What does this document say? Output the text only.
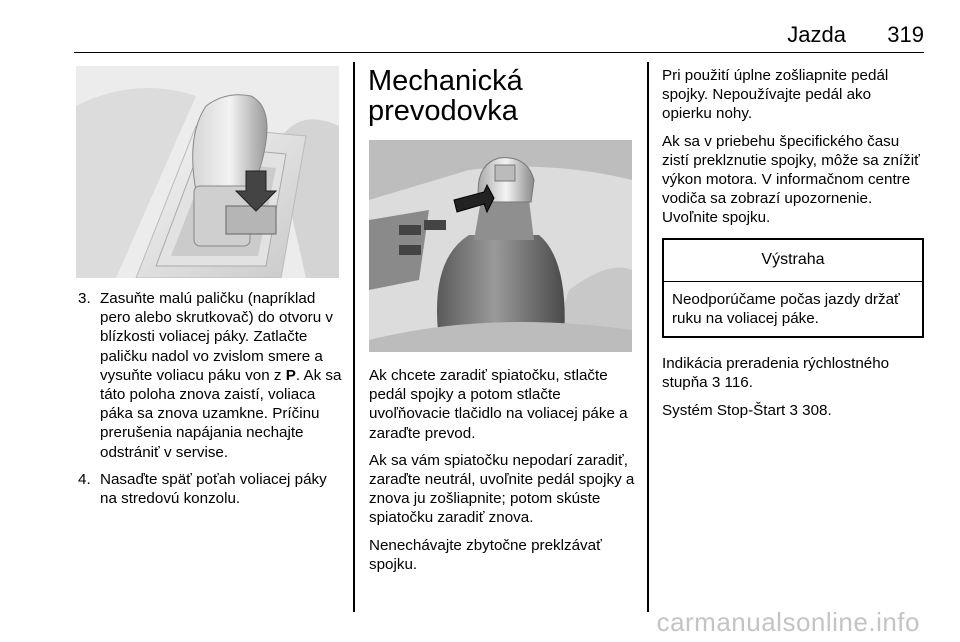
Jazda 319
3. Zasuňte malú paličku (napríklad pero alebo skrutkovač) do otvoru v blízkosti voliacej páky. Zatlačte paličku nadol vo zvislom smere a vysuňte voliacu páku von z P. Ak sa táto poloha znova zaistí, voliaca páka sa znova uzamkne. Príčinu prerušenia napájania nechajte odstrániť v servise.
4. Nasaďte späť poťah voliacej páky na stredovú konzolu.
Mechanická prevodovka

Ak chcete zaradiť spiatočku, stlačte pedál spojky a potom stlačte uvoľňovacie tlačidlo na voliacej páke a zaraďte prevod.

Ak sa vám spiatočku nepodarí zaradiť, zaraďte neutrál, uvoľnite pedál spojky a znova ju zošliapnite; potom skúste spiatočku zaradiť znova.

Nenechávajte zbytočne preklzávať spojku.

Pri použití úplne zošliapnite pedál spojky. Nepoužívajte pedál ako opierku nohy.

Ak sa v priebehu špecifického času zistí preklznutie spojky, môže sa znížiť výkon motora. V informačnom centre vodiča sa zobrazí upozornenie. Uvoľnite spojku.

Výstraha
Neodporúčame počas jazdy držať ruku na voliacej páke.

Indikácia preradenia rýchlostného stupňa 3 116.

Systém Stop-Štart 3 308.

carmanualsonline.info
